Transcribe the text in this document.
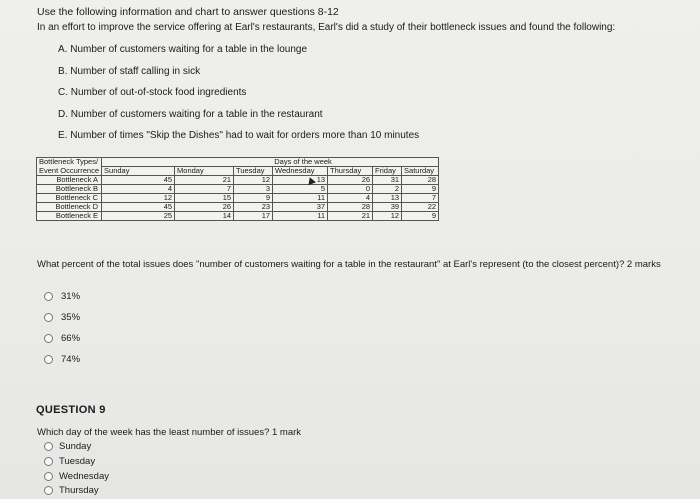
Use the following information and chart to answer questions 8-12
In an effort to improve the service offering at Earl's restaurants, Earl's did a study of their bottleneck issues and found the following:
A. Number of customers waiting for a table in the lounge
B. Number of staff calling in sick
C. Number of out-of-stock food ingredients
D. Number of customers waiting for a table in the restaurant
E. Number of times "Skip the Dishes" had to wait for orders more than 10 minutes
Bottleneck Types/			Days of the week				
Event Occurrence	Sunday	Monday	Tuesday	Wednesday	Thursday	Friday	Saturday
Bottleneck A	45	21	12	13	26	31	28
Bottleneck B	4	7	3	5	0	2	9
Bottleneck C	12	15	9	11	4	13	7
Bottleneck D	45	26	23	37	28	39	22
Bottleneck E	25	14	17	11	21	12	9
What percent of the total issues does "number of customers waiting for a table in the restaurant" at Earl's represent (to the closest percent)? 2 marks
31%
35%
66%
74%
QUESTION 9
Which day of the week has the least number of issues? 1 mark
Sunday
Tuesday
Wednesday
Thursday
